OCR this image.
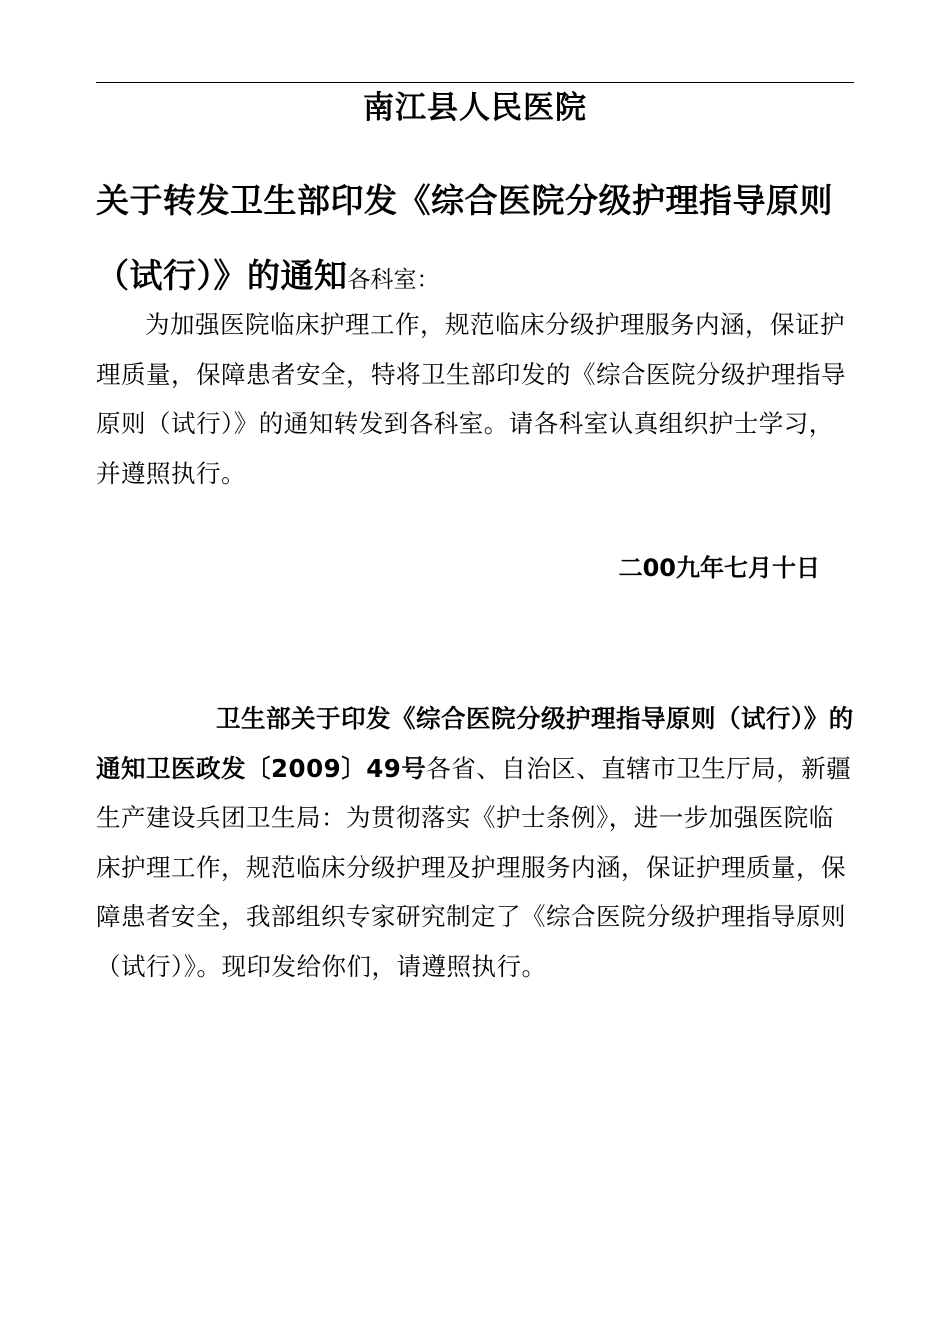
南江县人民医院
关于转发卫生部印发《综合医院分级护理指导原则（试行）》的通知各科室：
为加强医院临床护理工作，规范临床分级护理服务内涵，保证护理质量，保障患者安全，特将卫生部印发的《综合医院分级护理指导原则（试行）》的通知转发到各科室。请各科室认真组织护士学习，并遵照执行。
二00九年七月十日
卫生部关于印发《综合医院分级护理指导原则（试行）》的通知卫医政发〔2009〕49号各省、自治区、直辖市卫生厅局，新疆生产建设兵团卫生局：为贯彻落实《护士条例》，进一步加强医院临床护理工作，规范临床分级护理及护理服务内涵，保证护理质量，保障患者安全，我部组织专家研究制定了《综合医院分级护理指导原则（试行）》。现印发给你们，请遵照执行。
